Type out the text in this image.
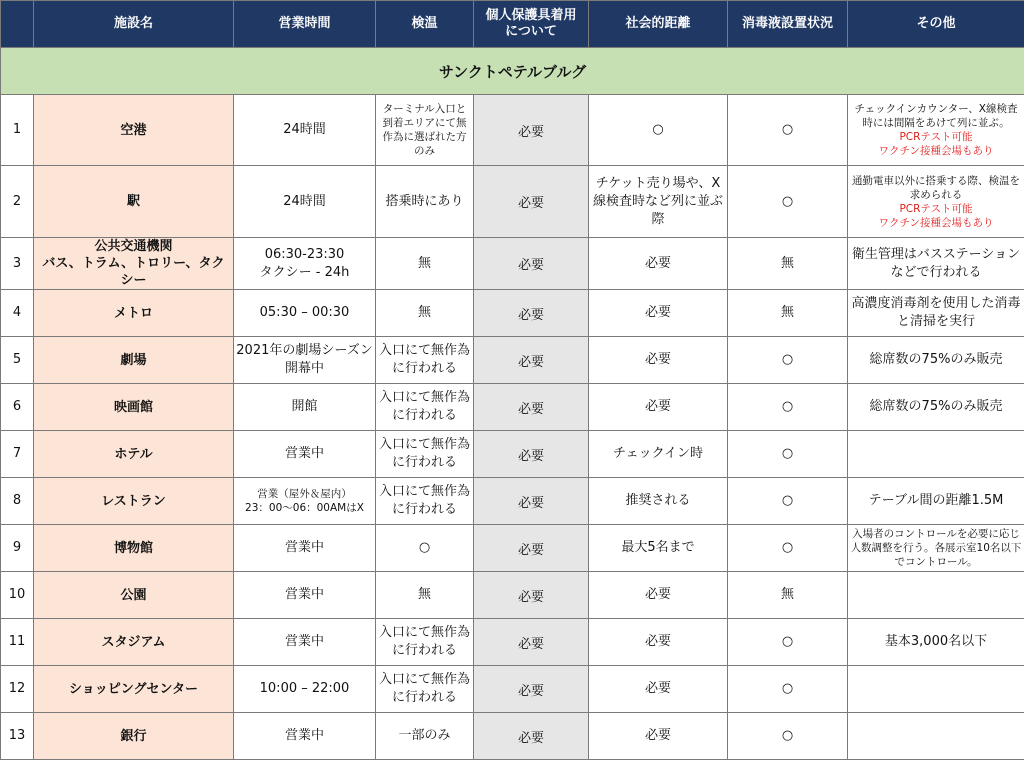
	施設名	営業時間	検温	個人保護具着用
について	社会的距離	消毒液設置状況	その他
サンクトペテルブルグ							
1	空港	24時間	ターミナル入口と到着エリアにて無作為に選ばれた方のみ	必要	○	○	チェックインカウンター、X線検査時には間隔をあけて列に並ぶ。
PCRテスト可能
ワクチン接種会場もあり

2	駅	24時間	搭乗時にあり	必要	チケット売り場や、X線検査時など列に並ぶ際	○	通勤電車以外に搭乗する際、検温を求められる
PCRテスト可能
ワクチン接種会場もあり

3	公共交通機関
バス、トラム、トロリー、タクシー	06:30-23:30
タクシー - 24h	無	必要	必要	無	衛生管理はバスステーションなどで行われる

4	メトロ	05:30 – 00:30	無	必要	必要	無	高濃度消毒剤を使用した消毒と清掃を実行

5	劇場	2021年の劇場シーズン開幕中	入口にて無作為に行われる	必要	必要	○	総席数の75%のみ販売

6	映画館	開館	入口にて無作為に行われる	必要	必要	○	総席数の75%のみ販売

7	ホテル	営業中	入口にて無作為に行われる	必要	チェックイン時	○	
8	レストラン	営業（屋外＆屋内）
23：00〜06：00AMはX	入口にて無作為に行われる	必要	推奨される	○	テーブル間の距離1.5M

9	博物館	営業中	○	必要	最大5名まで	○	入場者のコントロールを必要に応じ人数調整を行う。各展示室10名以下でコントロール。

10	公園	営業中	無	必要	必要	無	
11	スタジアム	営業中	入口にて無作為に行われる	必要	必要	○	基本3,000名以下

12	ショッピングセンター	10:00 – 22:00	入口にて無作為に行われる	必要	必要	○	
13	銀行	営業中	一部のみ	必要	必要	○	
